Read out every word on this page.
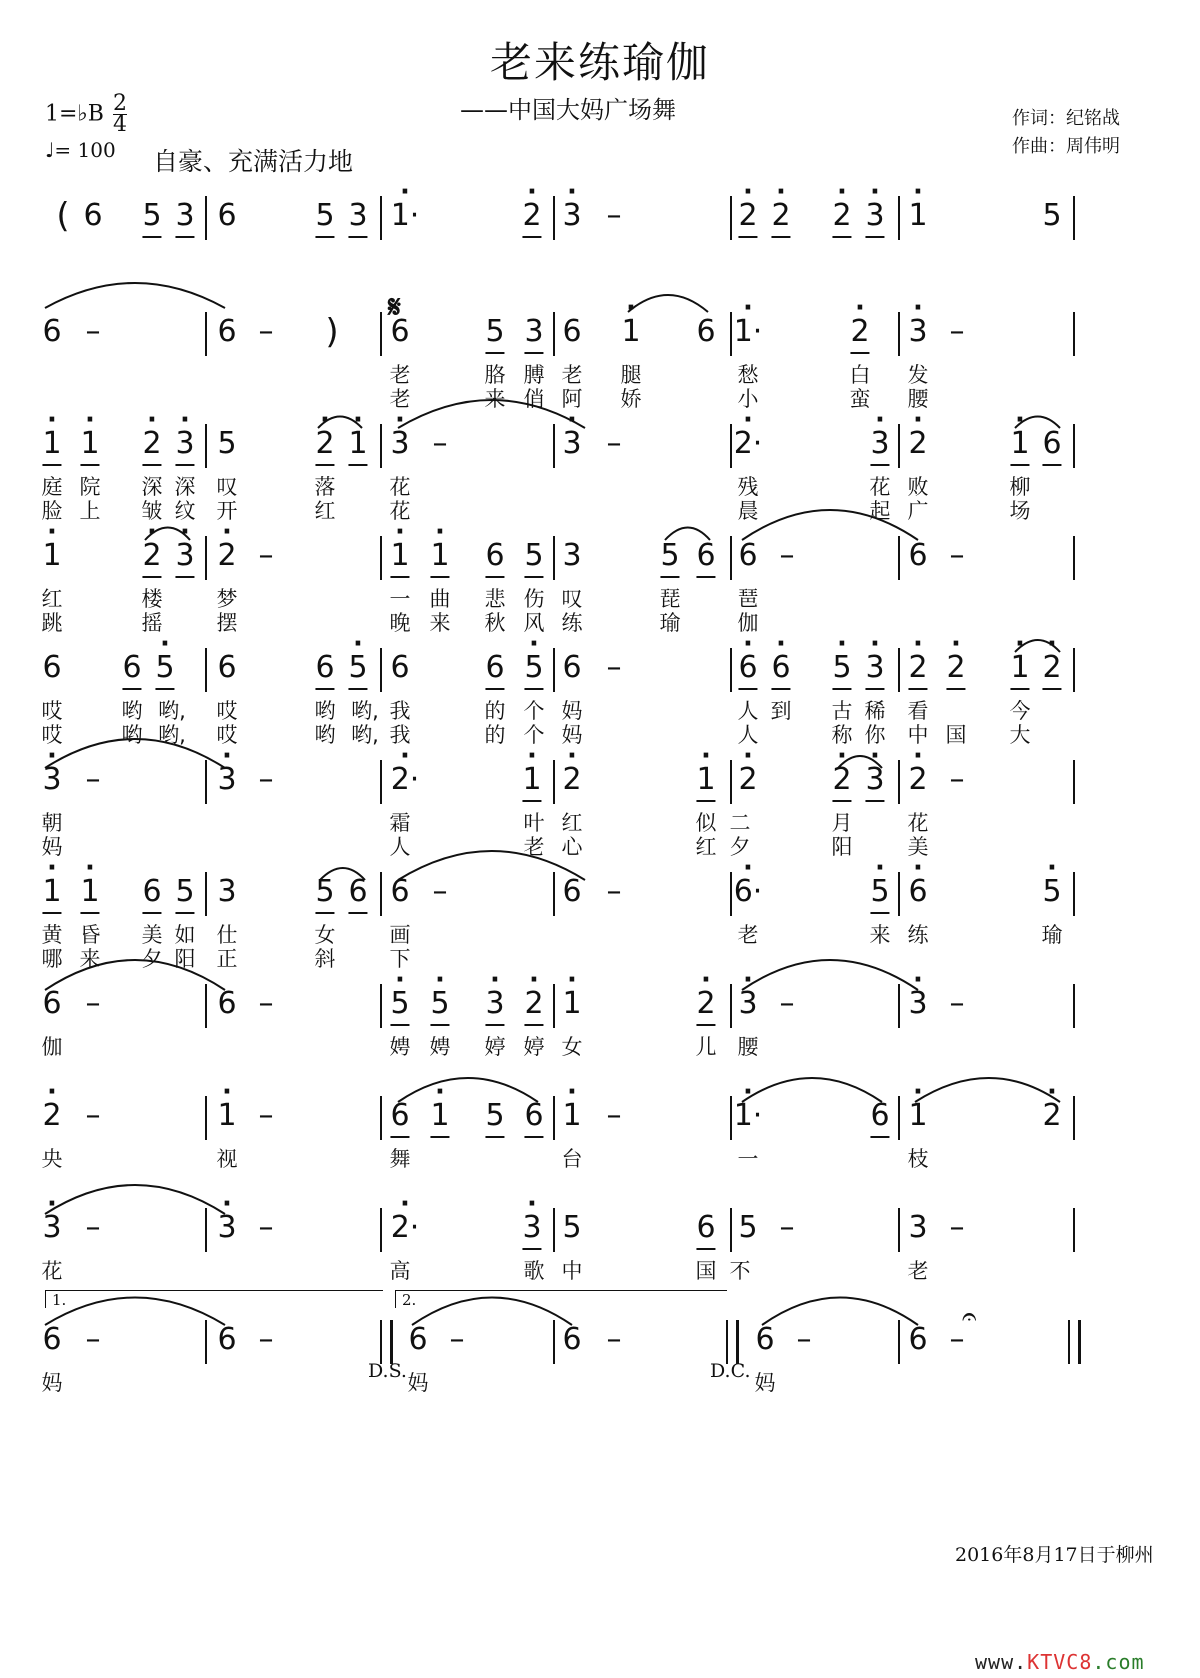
老来练瑜伽
——中国大妈广场舞
1=♭B $\frac{2}{4}$
♩= 100 自豪、充满活力地
作词：纪铭战
作曲：周伟明
( 6 5 3 6	5 3 · 1·	· 2 · 3 –	· 2 · 2 · 2 · 3 · 1	5
6 –	6 – ) 6	5 3 6 · 1 6 · 1·	· 2 · 3 –
老	胳 膊 老 腿	愁	白 发
老	来 俏 阿 娇	小	蛮 腰
· 1 · 1 · 2 · 3 5	· 2 · 1 · 3 –	· 3 –	· 2·	· 3 · 2	· 1 6
庭 院 深 深 叹	落	花	残	花 败	柳
脸 上 皱 纹 开	红	花	晨	起 广	场
· 1	· 2 · 3 · 2 –	· 1 · 1 6 5 3	5 6 6 –	6 –
红	楼	梦	一 曲 悲 伤 叹	琵	琶
跳	摇	摆	晚 来 秋 风 练	瑜	伽
6 6 · 5 6	6 · 5 6	6 · 5 6 –	· 6 · 6 · 5 · 3 · 2 · 2 · 1 · 2
哎	哟 哟, 哎	哟 哟, 我	的 个 妈	人 到 古 稀 看	今
哎	哟 哟, 哎	哟 哟, 我	的 个 妈	人	称 你 中 国 大
· 3 –	· 3 –	· 2·	· 1 · 2	· 1 · 2 · 2 · 3 · 2 –
朝	霜	叶 红	似 二	月	花
妈	人	老 心	红 夕	阳	美
· 1 · 1 6 5 3	5 6 6 –	6 –	· 6·	· 5 · 6	· 5
黄 昏 美 如 仕	女	画	老	来 练	瑜
哪 来 夕 阳 正	斜	下
6 –	6 –	· 5 · 5 · 3 · 2 · 1	· 2 · 3 –	· 3 –
伽	娉 娉 婷 婷 女	儿 腰
· 2 –	· 1 –	6 · 1 5 6 · 1 –	· 1·	6 · 1	· 2
央	视	舞	台	一	枝
· 3 –	· 3 –	· 2·	· 3 5	6 5 –	3 –
花	高	歌 中	国 不	老
6 –	6 –	6 –	6 –	6 –	6 –
妈	妈	妈
𝄋
𝄐
1.	2.
D.S.	D.C.
2016年8月17日于柳州
www.KTVC8.com
